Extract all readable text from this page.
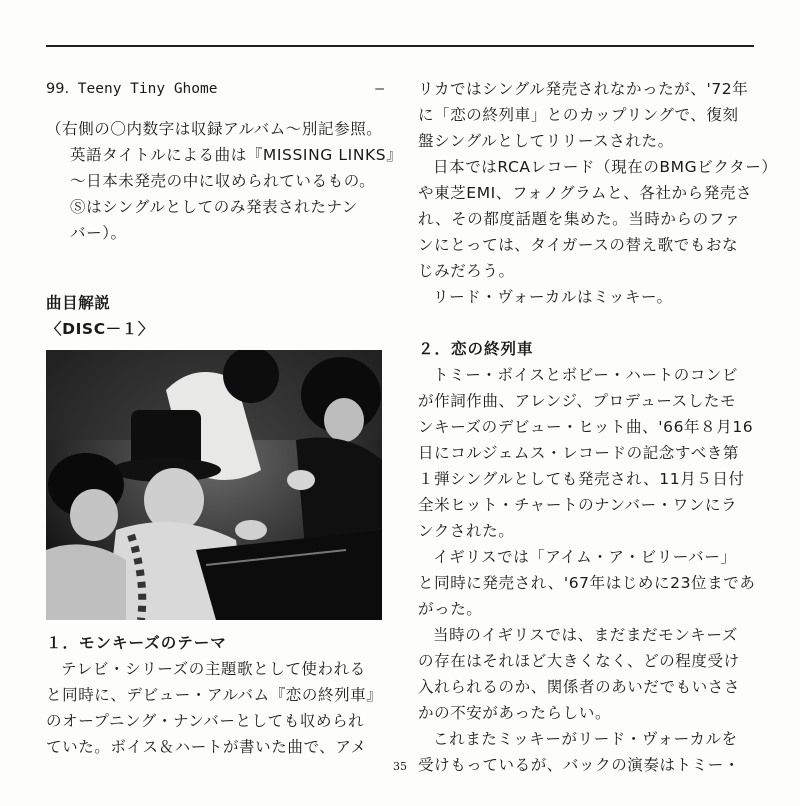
99. Teeny Tiny Ghome	–
（右側の〇内数字は収録アルバム～別記参照。
英語タイトルによる曲は『MISSING LINKS』
～日本未発売の中に収められているもの。
Ⓢはシングルとしてのみ発表されたナン
バー）。
曲目解説
〈DISC－１〉
１．モンキーズのテーマ
テレビ・シリーズの主題歌として使われる
と同時に、デビュー・アルバム『恋の終列車』
のオープニング・ナンバーとしても収められ
ていた。ボイス＆ハートが書いた曲で、アメ
リカではシングル発売されなかったが、'72年
に「恋の終列車」とのカップリングで、復刻
盤シングルとしてリリースされた。
日本ではRCAレコード（現在のBMGビクター）
や東芝EMI、フォノグラムと、各社から発売さ
れ、その都度話題を集めた。当時からのファ
ンにとっては、タイガースの替え歌でもおな
じみだろう。
リード・ヴォーカルはミッキー。
２．恋の終列車
トミー・ボイスとボビー・ハートのコンビ
が作詞作曲、アレンジ、プロデュースしたモ
ンキーズのデビュー・ヒット曲、'66年８月16
日にコルジェムス・レコードの記念すべき第
１弾シングルとしても発売され、11月５日付
全米ヒット・チャートのナンバー・ワンにラ
ンクされた。
イギリスでは「アイム・ア・ビリーバー」
と同時に発売され、'67年はじめに23位まであ
がった。
当時のイギリスでは、まだまだモンキーズ
の存在はそれほど大きくなく、どの程度受け
入れられるのか、関係者のあいだでもいささ
かの不安があったらしい。
これまたミッキーがリード・ヴォーカルを
受けもっているが、バックの演奏はトミー・
35
